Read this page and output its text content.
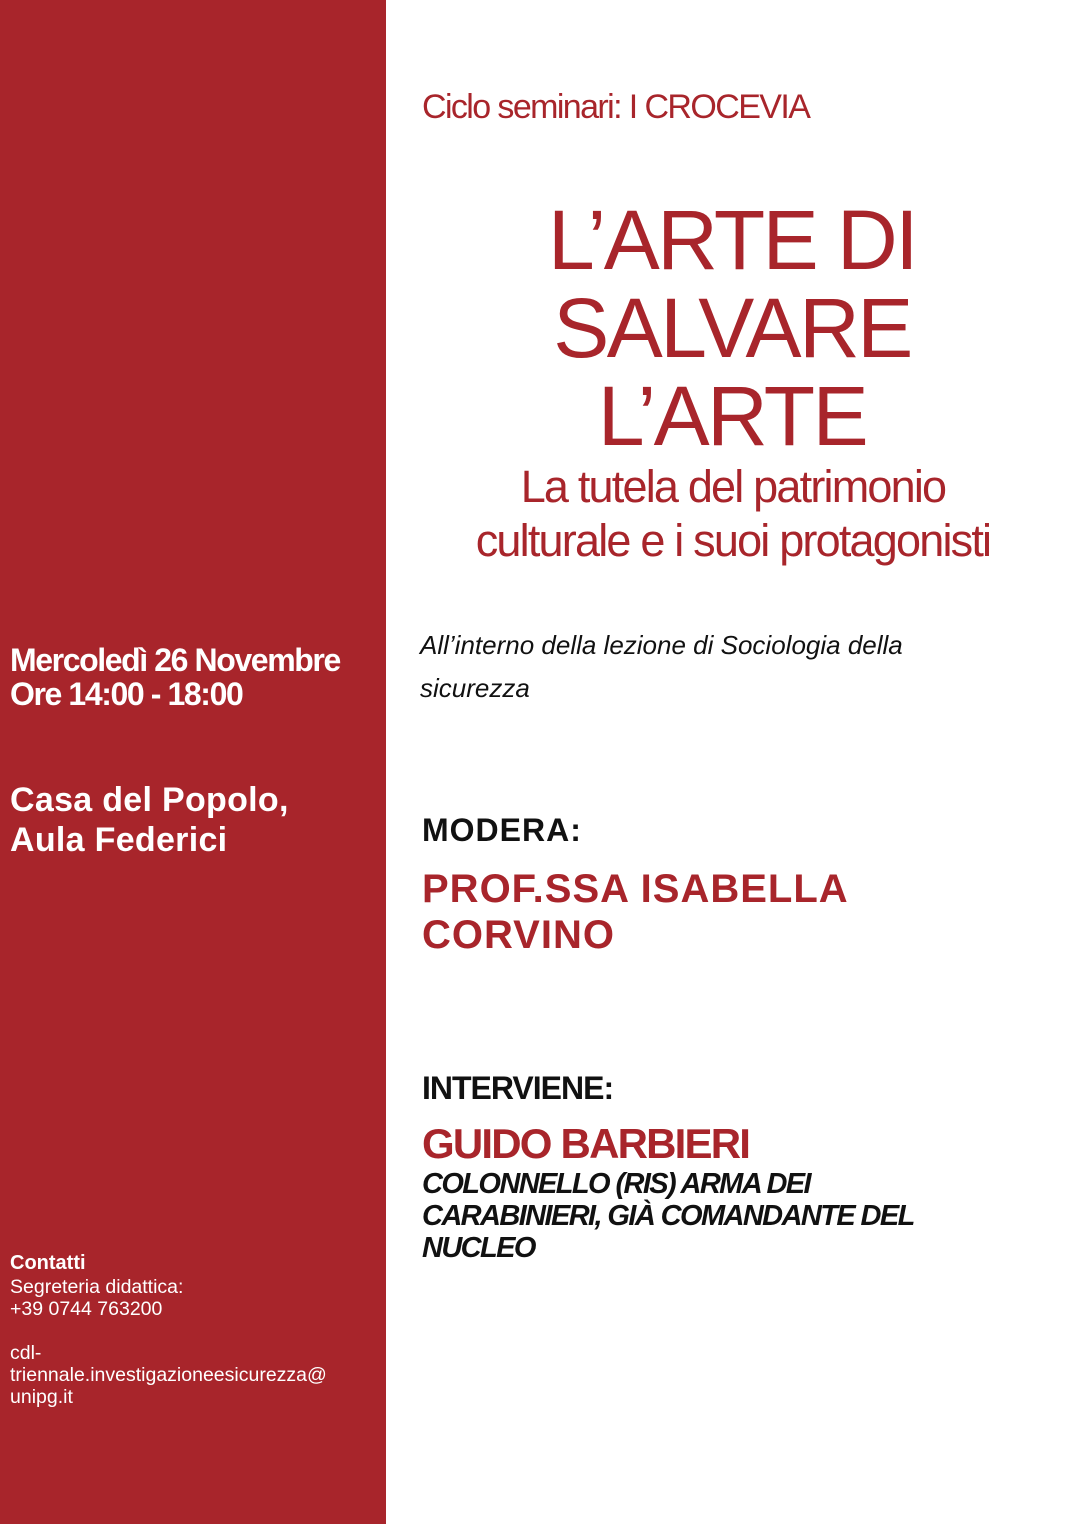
Mercoledì 26 Novembre
Ore 14:00 - 18:00
Casa del Popolo,
Aula Federici
Contatti
Segreteria didattica:
+39 0744 763200
cdl-
triennale.investigazioneesicurezza@
unipg.it
Ciclo seminari: I CROCEVIA
L’ARTE DI
SALVARE
L’ARTE
La tutela del patrimonio
culturale e i suoi protagonisti
All’interno della lezione di Sociologia della
sicurezza
MODERA:
PROF.SSA ISABELLA
CORVINO
INTERVIENE:
GUIDO BARBIERI
COLONNELLO (RIS) ARMA DEI
CARABINIERI, GIÀ COMANDANTE DEL
NUCLEO
